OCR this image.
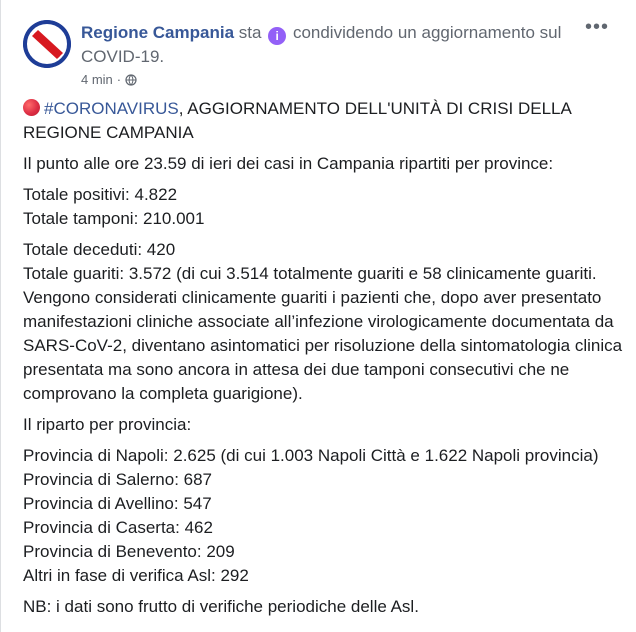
Regione Campania sta i condividendo un aggiornamento sul COVID-19.
4 min ·
•••

#CORONAVIRUS, AGGIORNAMENTO DELL'UNITÀ DI CRISI DELLA REGIONE CAMPANIA

Il punto alle ore 23.59 di ieri dei casi in Campania ripartiti per province:

Totale positivi: 4.822
Totale tamponi: 210.001

Totale deceduti: 420
Totale guariti: 3.572 (di cui 3.514 totalmente guariti e 58 clinicamente guariti. Vengono considerati clinicamente guariti i pazienti che, dopo aver presentato manifestazioni cliniche associate all’infezione virologicamente documentata da SARS-CoV-2, diventano asintomatici per risoluzione della sintomatologia clinica presentata ma sono ancora in attesa dei due tamponi consecutivi che ne comprovano la completa guarigione).

Il riparto per provincia:

Provincia di Napoli: 2.625 (di cui 1.003 Napoli Città e 1.622 Napoli provincia)
Provincia di Salerno: 687
Provincia di Avellino: 547
Provincia di Caserta: 462
Provincia di Benevento: 209
Altri in fase di verifica Asl: 292

NB: i dati sono frutto di verifiche periodiche delle Asl.
